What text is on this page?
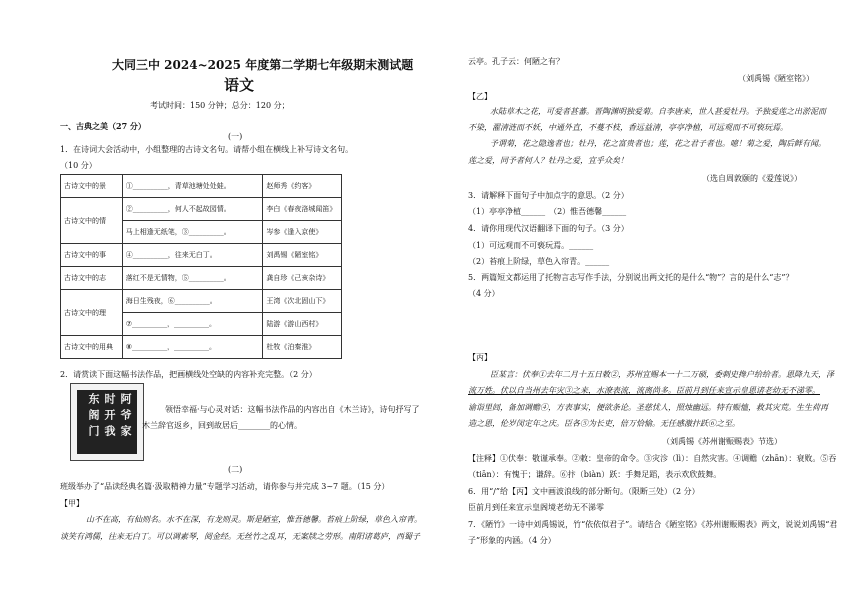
大同三中 2024~2025 年度第二学期七年级期末测试题
语文
考试时间：150 分钟；总分：120 分；
一、古典之美（27 分）
(一)
1．在诗词大会活动中，小组整理的古诗文名句。请帮小组在横线上补写诗文名句。
（10 分）
古诗文中的景	①__________，青草池塘处处蛙。	赵师秀《约客》
古诗文中的情	②__________，何人不起故园情。	李白《春夜洛城闻笛》
	马上相逢无纸笔，③__________。	岑参《逢入京使》
古诗文中的事	④__________，往来无白丁。	刘禹锡《陋室铭》
古诗文中的志	落红不是无情物，⑤__________。	龚自珍《己亥杂诗》
古诗文中的理	海日生残夜，⑥__________。	王湾《次北固山下》
	⑦__________，__________。	陆游《游山西村》
古诗文中的用典	⑧__________，__________。	杜牧《泊秦淮》
2．请赏读下面这幅书法作品，把画横线处空缺的内容补充完整。（2 分）
阿
爷
家
时
开
我
东
阁
门
领悟幸福·与心灵对话：这幅书法作品的内容出自《木兰诗》，诗句抒写了
木兰辞官返乡，回到故居后________的心情。
(二)
班级举办了“品读经典名篇·汲取精神力量”专题学习活动，请你参与并完成 3~7 题。（15 分）
【甲】
山不在高，有仙则名。水不在深，有龙则灵。斯是陋室，惟吾德馨。苔痕上阶绿，草色入帘青。
谈笑有鸿儒，往来无白丁。可以调素琴，阅金经。无丝竹之乱耳，无案牍之劳形。南阳诸葛庐，西蜀子
云亭。孔子云：何陋之有？
（刘禹锡《陋室铭》）
【乙】
水陆草木之花，可爱者甚蕃。晋陶渊明独爱菊。自李唐来，世人甚爱牡丹。予独爱莲之出淤泥而
不染，濯清涟而不妖，中通外直，不蔓不枝，香远益清，亭亭净植，可远观而不可亵玩焉。
予谓菊，花之隐逸者也；牡丹，花之富贵者也；莲，花之君子者也。噫！菊之爱，陶后鲜有闻。
莲之爱，同予者何人？牡丹之爱，宜乎众矣！
（选自周敦颐的《爱莲说》）
3．请解释下面句子中加点字的意思。（2 分）
（1）亭亭净植______　（2）惟吾德馨______
4．请你用现代汉语翻译下面的句子。（3 分）
（1）可远观而不可亵玩焉。______
（2）苔痕上阶绿，草色入帘青。______
5．两篇短文都运用了托物言志写作手法，分别说出两文托的是什么“物”？言的是什么“志”？
（4 分）
【丙】
臣某言：伏奉①去年二月十五日敕②，苏州宜赐本一十二万硕，委刺史搀户给给者。恩降九天，泽
流万姓。伏以自当州去年灾③之来，水潦表流，流离尚多。臣前月到任来宣示皇恩诸老幼无不涕零。
谕诣里闾，备加调赡④，方表事实，便欲条论。圣慈忧人，照烛幽远。特有赈恤，救其灾荒。生生荷再
造之恩，伦岁闵定年之庆。臣各⑤为长吏，倍万恰愉。无任感激抃跃⑥之至。
（刘禹锡《苏州谢赈赐表》节选）
【注释】①伏奉：敬谨承奉。②敕：皇帝的命令。③灾沴（lì）：自然灾害。④调赡（zhān）：衰败。⑤吞
（tiān）：有愧于；谦辞。⑥抃（biàn）跃：手舞足蹈，表示欢欣鼓舞。
6．用“/”给【丙】文中画波浪线的部分断句。（限断三处）（2 分）
臣前月到任来宣示皇阁境老幼无不涕零
7．《陋竹》一诗中刘禹锡说，竹“依依似君子”。请结合《陋室铭》《苏州谢赈赐表》两文，说说刘禹锡“君
子”形象的内涵。（4 分）
